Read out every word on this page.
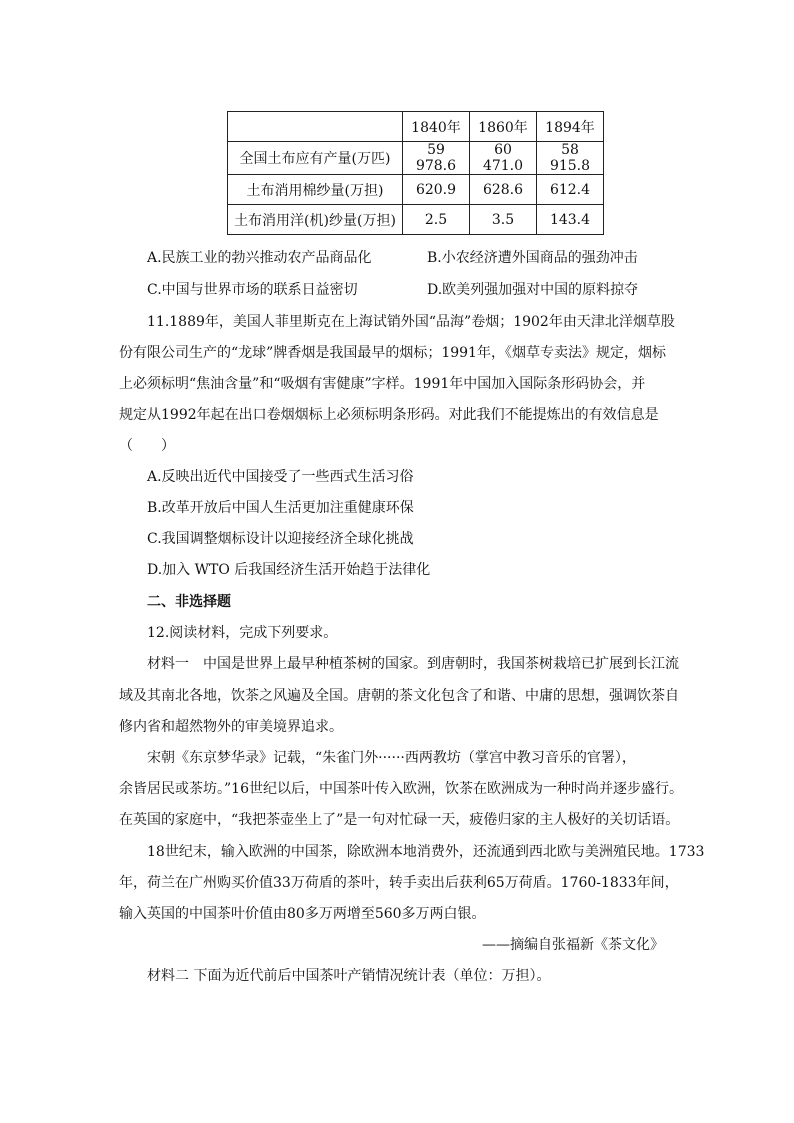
	1840年	1860年	1894年
全国土布应有产量(万匹)	59 978.6	60 471.0	58 915.8
土布消用棉纱量(万担)	620.9	628.6	612.4
土布消用洋(机)纱量(万担)	2.5	3.5	143.4
A.民族工业的勃兴推动农产品商品化	B.小农经济遭外国商品的强劲冲击
C.中国与世界市场的联系日益密切	D.欧美列强加强对中国的原料掠夺
11.1889年，美国人菲里斯克在上海试销外国“品海”卷烟；1902年由天津北洋烟草股
份有限公司生产的“龙球”牌香烟是我国最早的烟标；1991年，《烟草专卖法》规定，烟标
上必须标明“焦油含量”和“吸烟有害健康”字样。1991年中国加入国际条形码协会，并
规定从1992年起在出口卷烟烟标上必须标明条形码。对此我们不能提炼出的有效信息是
（　　）
A.反映出近代中国接受了一些西式生活习俗
B.改革开放后中国人生活更加注重健康环保
C.我国调整烟标设计以迎接经济全球化挑战
D.加入 WTO 后我国经济生活开始趋于法律化
二、非选择题
12.阅读材料，完成下列要求。
材料一　中国是世界上最早种植茶树的国家。到唐朝时，我国茶树栽培已扩展到长江流
域及其南北各地，饮茶之风遍及全国。唐朝的茶文化包含了和谐、中庸的思想，强调饮茶自
修内省和超然物外的审美境界追求。
宋朝《东京梦华录》记载，“朱雀门外······西两教坊（掌宫中教习音乐的官署），
余皆居民或茶坊。”16世纪以后，中国茶叶传入欧洲，饮茶在欧洲成为一种时尚并逐步盛行。
在英国的家庭中，“我把茶壶坐上了”是一句对忙碌一天，疲倦归家的主人极好的关切话语。
18世纪末，输入欧洲的中国茶，除欧洲本地消费外，还流通到西北欧与美洲殖民地。1733
年，荷兰在广州购买价值33万荷盾的茶叶，转手卖出后获利65万荷盾。1760-1833年间，
输入英国的中国茶叶价值由80多万两增至560多万两白银。
——摘编自张福新《茶文化》
材料二 下面为近代前后中国茶叶产销情况统计表（单位：万担）。
